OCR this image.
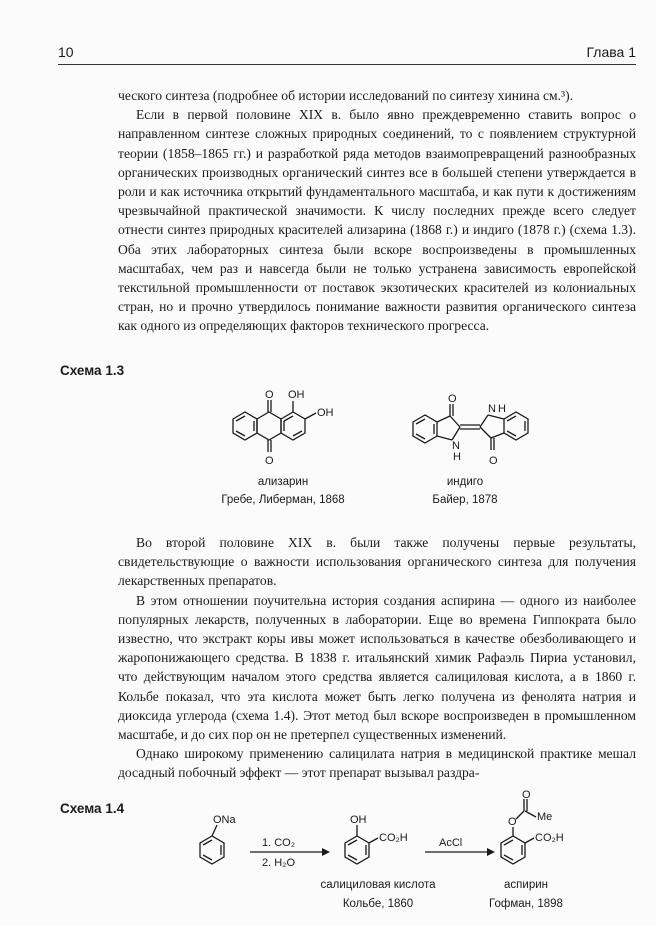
10	Глава 1

ческого синтеза (подробнее об истории исследований по синтезу хинина см.³).

Если в первой половине XIX в. было явно преждевременно ставить вопрос о направленном синтезе сложных природных соединений, то с появлением структурной теории (1858–1865 гг.) и разработкой ряда методов взаимопревращений разнообразных органических производных органический синтез все в большей степени утверждается в роли и как источника открытий фундаментального масштаба, и как пути к достижениям чрезвычайной практической значимости. К числу последних прежде всего следует отнести синтез природных красителей ализарина (1868 г.) и индиго (1878 г.) (схема 1.3). Оба этих лабораторных синтеза были вскоре воспроизведены в промышленных масштабах, чем раз и навсегда были не только устранена зависимость европейской текстильной промышленности от поставок экзотических красителей из колониальных стран, но и прочно утвердилось понимание важности развития органического синтеза как одного из определяющих факторов технического прогресса.

Схема 1.3
O
O
OH
OH
O
O
N
H
N H
ализарин
Гребе, Либерман, 1868
индиго
Байер, 1878

Во второй половине XIX в. были также получены первые результаты, свидетельствующие о важности использования органического синтеза для получения лекарственных препаратов.

В этом отношении поучительна история создания аспирина — одного из наиболее популярных лекарств, полученных в лаборатории. Еще во времена Гиппократа было известно, что экстракт коры ивы может использоваться в качестве обезболивающего и жаропонижающего средства. В 1838 г. итальянский химик Рафаэль Пириа установил, что действующим началом этого средства является салициловая кислота, а в 1860 г. Кольбе показал, что эта кислота может быть легко получена из фенолята натрия и диоксида углерода (схема 1.4). Этот метод был вскоре воспроизведен в промышленном масштабе, и до сих пор он не претерпел существенных изменений.

Однако широкому применению салицилата натрия в медицинской практике мешал досадный побочный эффект — этот препарат вызывал раздра-

Схема 1.4
ONa
1. CO₂
2. H₂O
OH
CO₂H	AcCl
O
O
Me
CO₂H
салициловая кислота
Кольбе, 1860
аспирин
Гофман, 1898
